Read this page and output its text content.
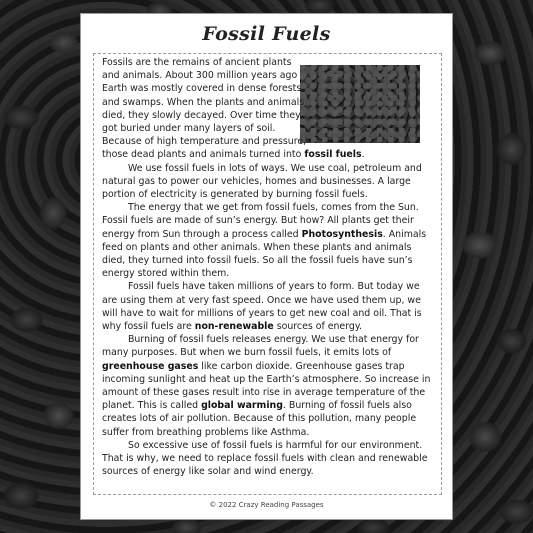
Fossil Fuels

Fossils are the remains of ancient plants and animals. About 300 million years ago Earth was mostly covered in dense forests and swamps. When the plants and animals died, they slowly decayed. Over time they got buried under many layers of soil. Because of high temperature and pressure, those dead plants and animals turned into fossil fuels.

We use fossil fuels in lots of ways. We use coal, petroleum and natural gas to power our vehicles, homes and businesses. A large portion of electricity is generated by burning fossil fuels.

The energy that we get from fossil fuels, comes from the Sun. Fossil fuels are made of sun’s energy. But how? All plants get their energy from Sun through a process called Photosynthesis. Animals feed on plants and other animals. When these plants and animals died, they turned into fossil fuels. So all the fossil fuels have sun’s energy stored within them.

Fossil fuels have taken millions of years to form. But today we are using them at very fast speed. Once we have used them up, we will have to wait for millions of years to get new coal and oil. That is why fossil fuels are non-renewable sources of energy.

Burning of fossil fuels releases energy. We use that energy for many purposes. But when we burn fossil fuels, it emits lots of greenhouse gases like carbon dioxide. Greenhouse gases trap incoming sunlight and heat up the Earth’s atmosphere. So increase in amount of these gases result into rise in average temperature of the planet. This is called global warming. Burning of fossil fuels also creates lots of air pollution. Because of this pollution, many people suffer from breathing problems like Asthma.

So excessive use of fossil fuels is harmful for our environment. That is why, we need to replace fossil fuels with clean and renewable sources of energy like solar and wind energy.

© 2022 Crazy Reading Passages
